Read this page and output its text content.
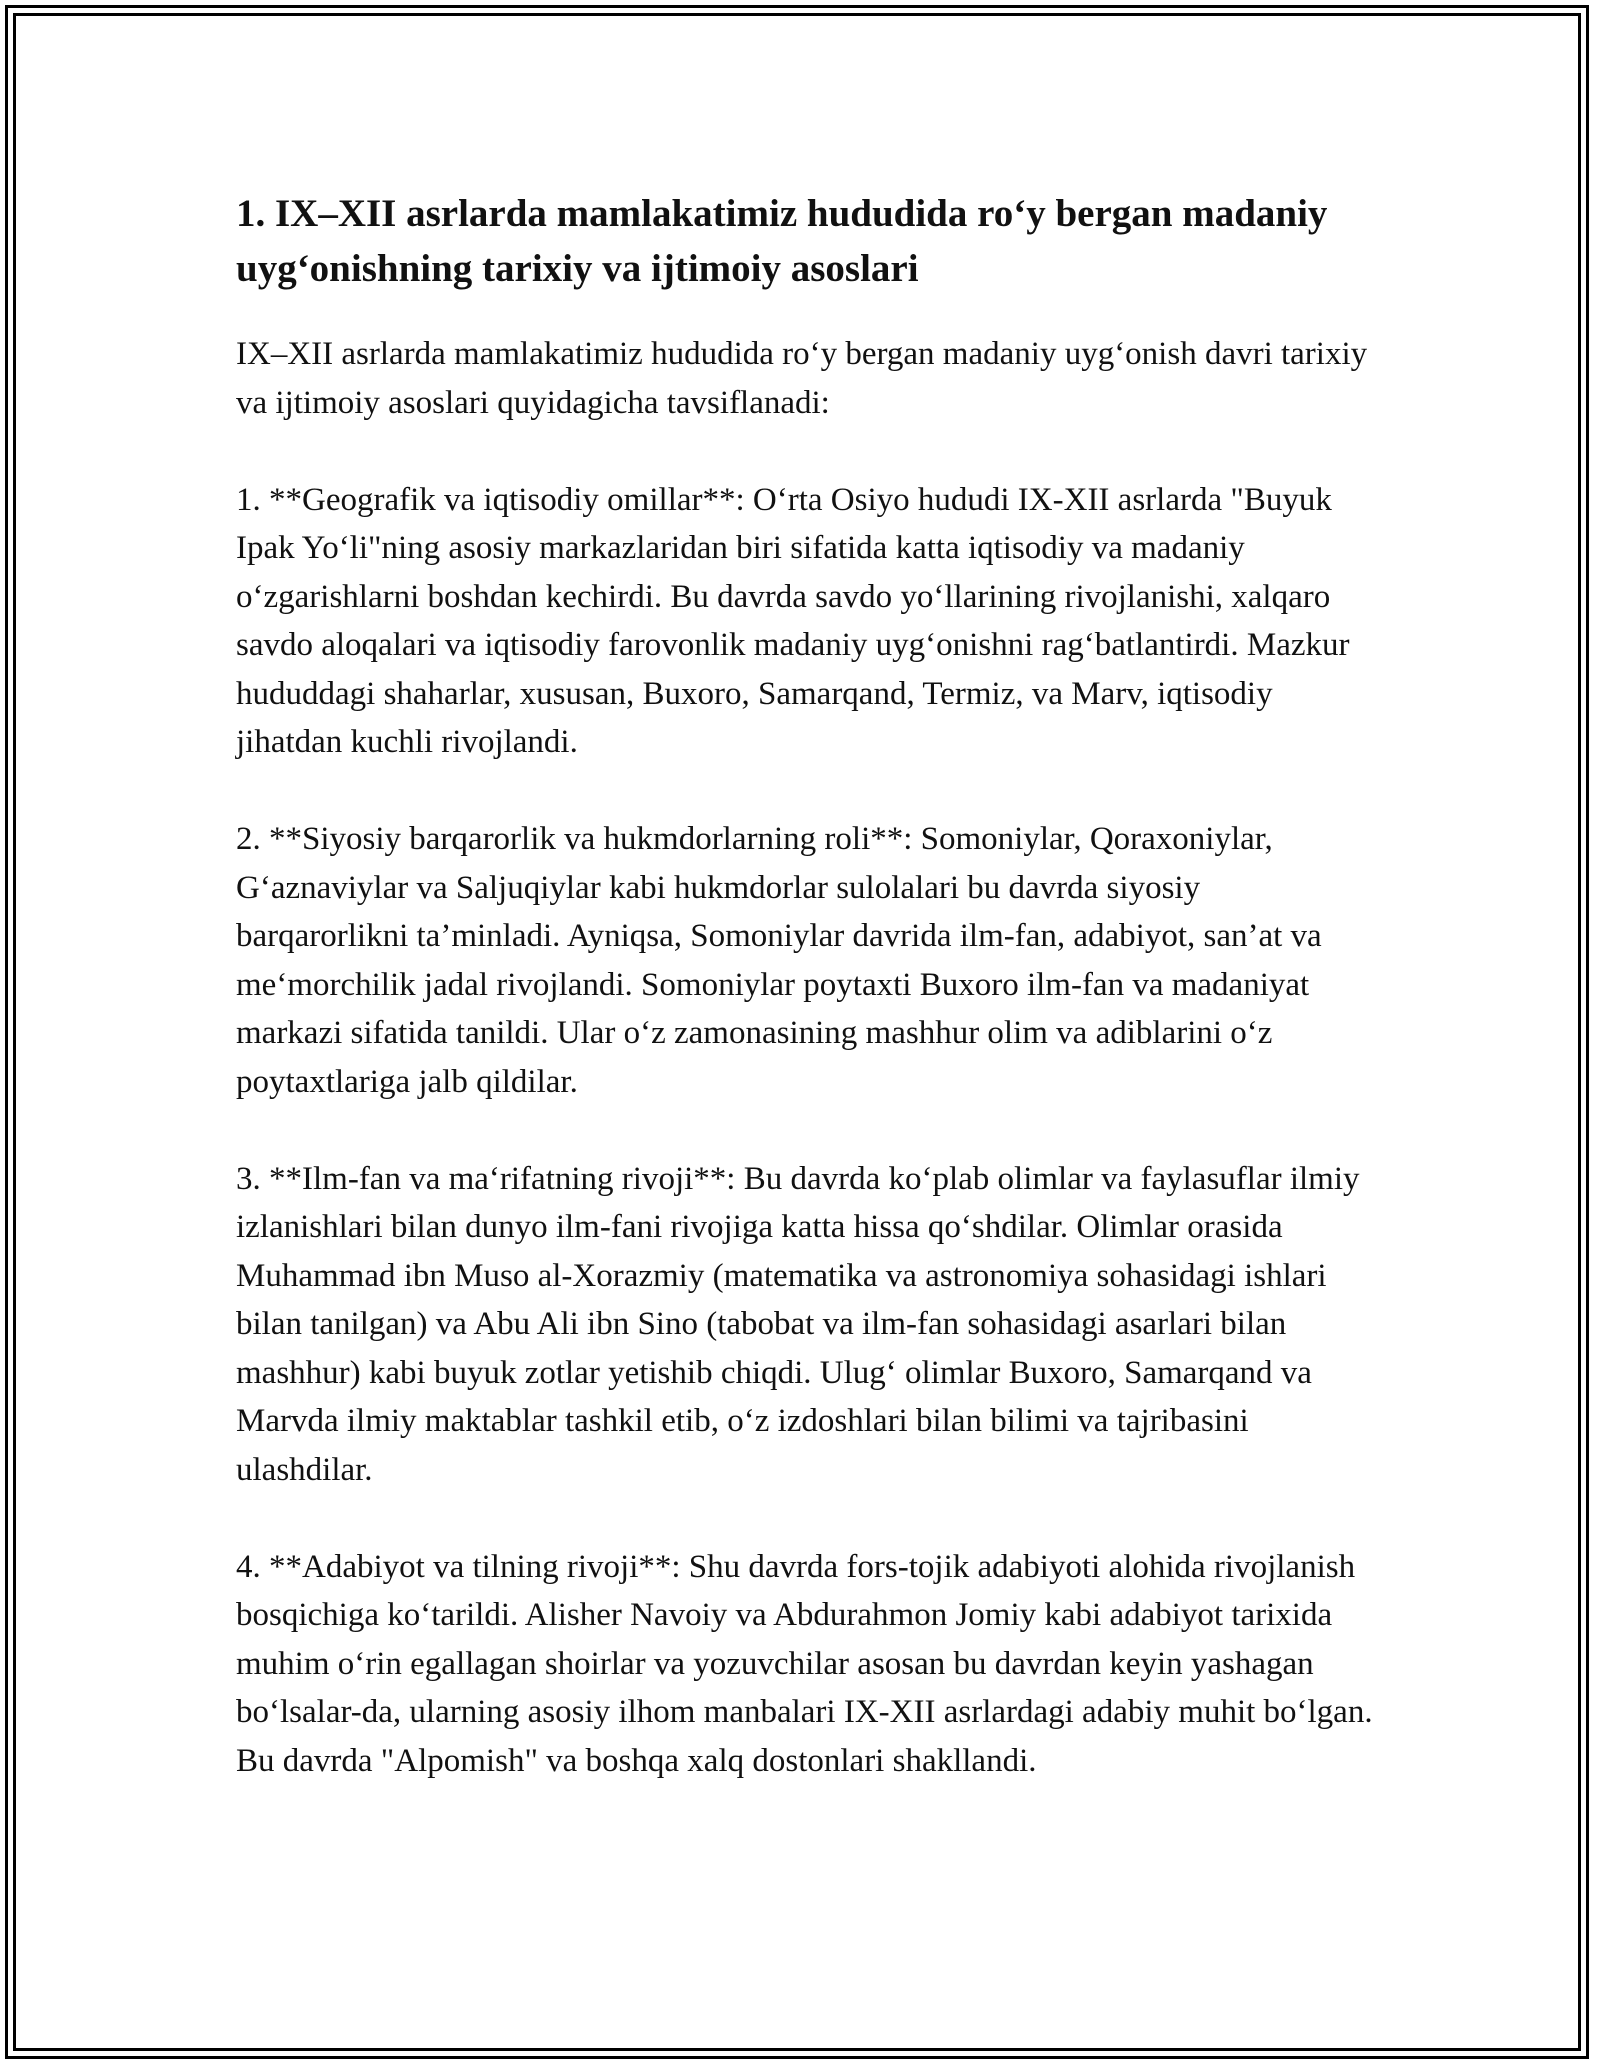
1. IX–XII asrlarda mamlakatimiz hududida ro‘y bergan madaniy uyg‘onishning tarixiy va ijtimoiy asoslari

IX–XII asrlarda mamlakatimiz hududida ro‘y bergan madaniy uyg‘onish davri tarixiy va ijtimoiy asoslari quyidagicha tavsiflanadi:

1. **Geografik va iqtisodiy omillar**: O‘rta Osiyo hududi IX-XII asrlarda "Buyuk Ipak Yo‘li"ning asosiy markazlaridan biri sifatida katta iqtisodiy va madaniy o‘zgarishlarni boshdan kechirdi. Bu davrda savdo yo‘llarining rivojlanishi, xalqaro savdo aloqalari va iqtisodiy farovonlik madaniy uyg‘onishni rag‘batlantirdi. Mazkur hududdagi shaharlar, xususan, Buxoro, Samarqand, Termiz, va Marv, iqtisodiy jihatdan kuchli rivojlandi.

2. **Siyosiy barqarorlik va hukmdorlarning roli**: Somoniylar, Qoraxoniylar, G‘aznaviylar va Saljuqiylar kabi hukmdorlar sulolalari bu davrda siyosiy barqarorlikni ta’minladi. Ayniqsa, Somoniylar davrida ilm-fan, adabiyot, san’at va me‘morchilik jadal rivojlandi. Somoniylar poytaxti Buxoro ilm-fan va madaniyat markazi sifatida tanildi. Ular o‘z zamonasining mashhur olim va adiblarini o‘z poytaxtlariga jalb qildilar.

3. **Ilm-fan va ma‘rifatning rivoji**: Bu davrda ko‘plab olimlar va faylasuflar ilmiy izlanishlari bilan dunyo ilm-fani rivojiga katta hissa qo‘shdilar. Olimlar orasida Muhammad ibn Muso al-Xorazmiy (matematika va astronomiya sohasidagi ishlari bilan tanilgan) va Abu Ali ibn Sino (tabobat va ilm-fan sohasidagi asarlari bilan mashhur) kabi buyuk zotlar yetishib chiqdi. Ulug‘ olimlar Buxoro, Samarqand va Marvda ilmiy maktablar tashkil etib, o‘z izdoshlari bilan bilimi va tajribasini ulashdilar.

4. **Adabiyot va tilning rivoji**: Shu davrda fors-tojik adabiyoti alohida rivojlanish bosqichiga ko‘tarildi. Alisher Navoiy va Abdurahmon Jomiy kabi adabiyot tarixida muhim o‘rin egallagan shoirlar va yozuvchilar asosan bu davrdan keyin yashagan bo‘lsalar-da, ularning asosiy ilhom manbalari IX-XII asrlardagi adabiy muhit bo‘lgan. Bu davrda "Alpomish" va boshqa xalq dostonlari shakllandi.
